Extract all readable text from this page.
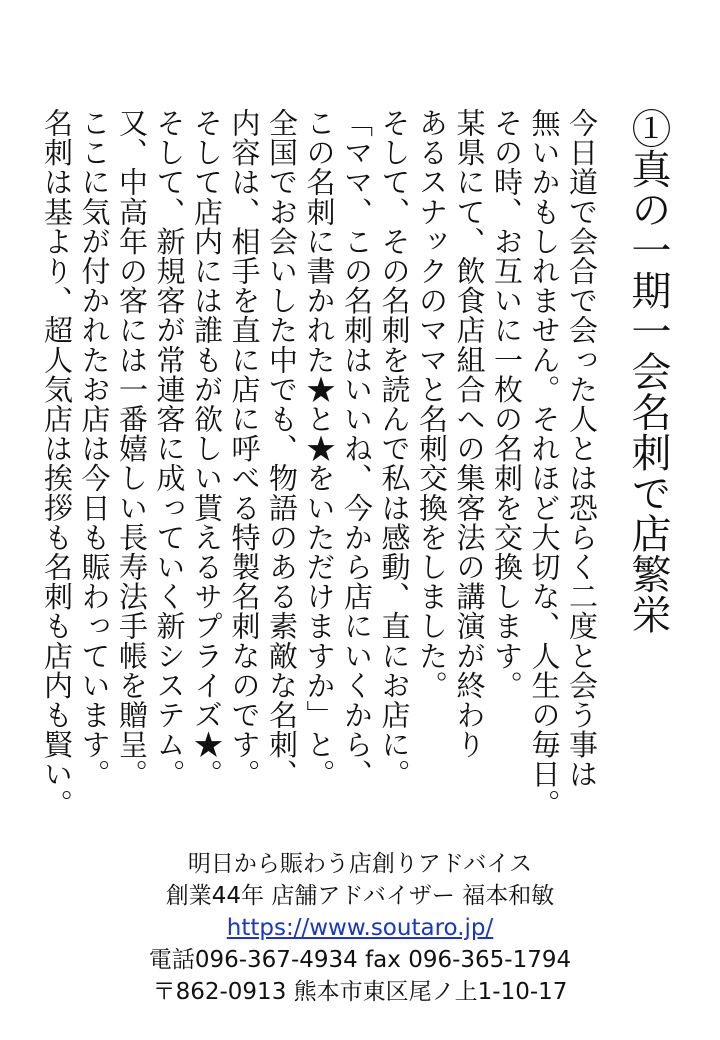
①真の一期一会名刺で店繁栄

今日道で会合で会った人とは恐らく二度と会う事は

無いかもしれません。それほど大切な、人生の毎日。

その時、お互いに一枚の名刺を交換します。

某県にて、飲食店組合への集客法の講演が終わり

あるスナックのママと名刺交換をしました。

そして、その名刺を読んで私は感動、直にお店に。

「ママ、この名刺はいいね、今から店にいくから、

この名刺に書かれた★と★をいただけますか」と。

全国でお会いした中でも、物語のある素敵な名刺、

内容は、相手を直に店に呼べる特製名刺なのです。

そして店内には誰もが欲しい貰えるサプライズ★。

そして、新規客が常連客に成っていく新システム。

又、中高年の客には一番嬉しい長寿法手帳を贈呈。

ここに気が付かれたお店は今日も賑わっています。

名刺は基より、超人気店は挨拶も名刺も店内も賢い。

明日から賑わう店創りアドバイス
創業44年 店舗アドバイザー 福本和敏
https://www.soutaro.jp/
電話096-367-4934 fax 096-365-1794
〒862-0913 熊本市東区尾ノ上1-10-17
